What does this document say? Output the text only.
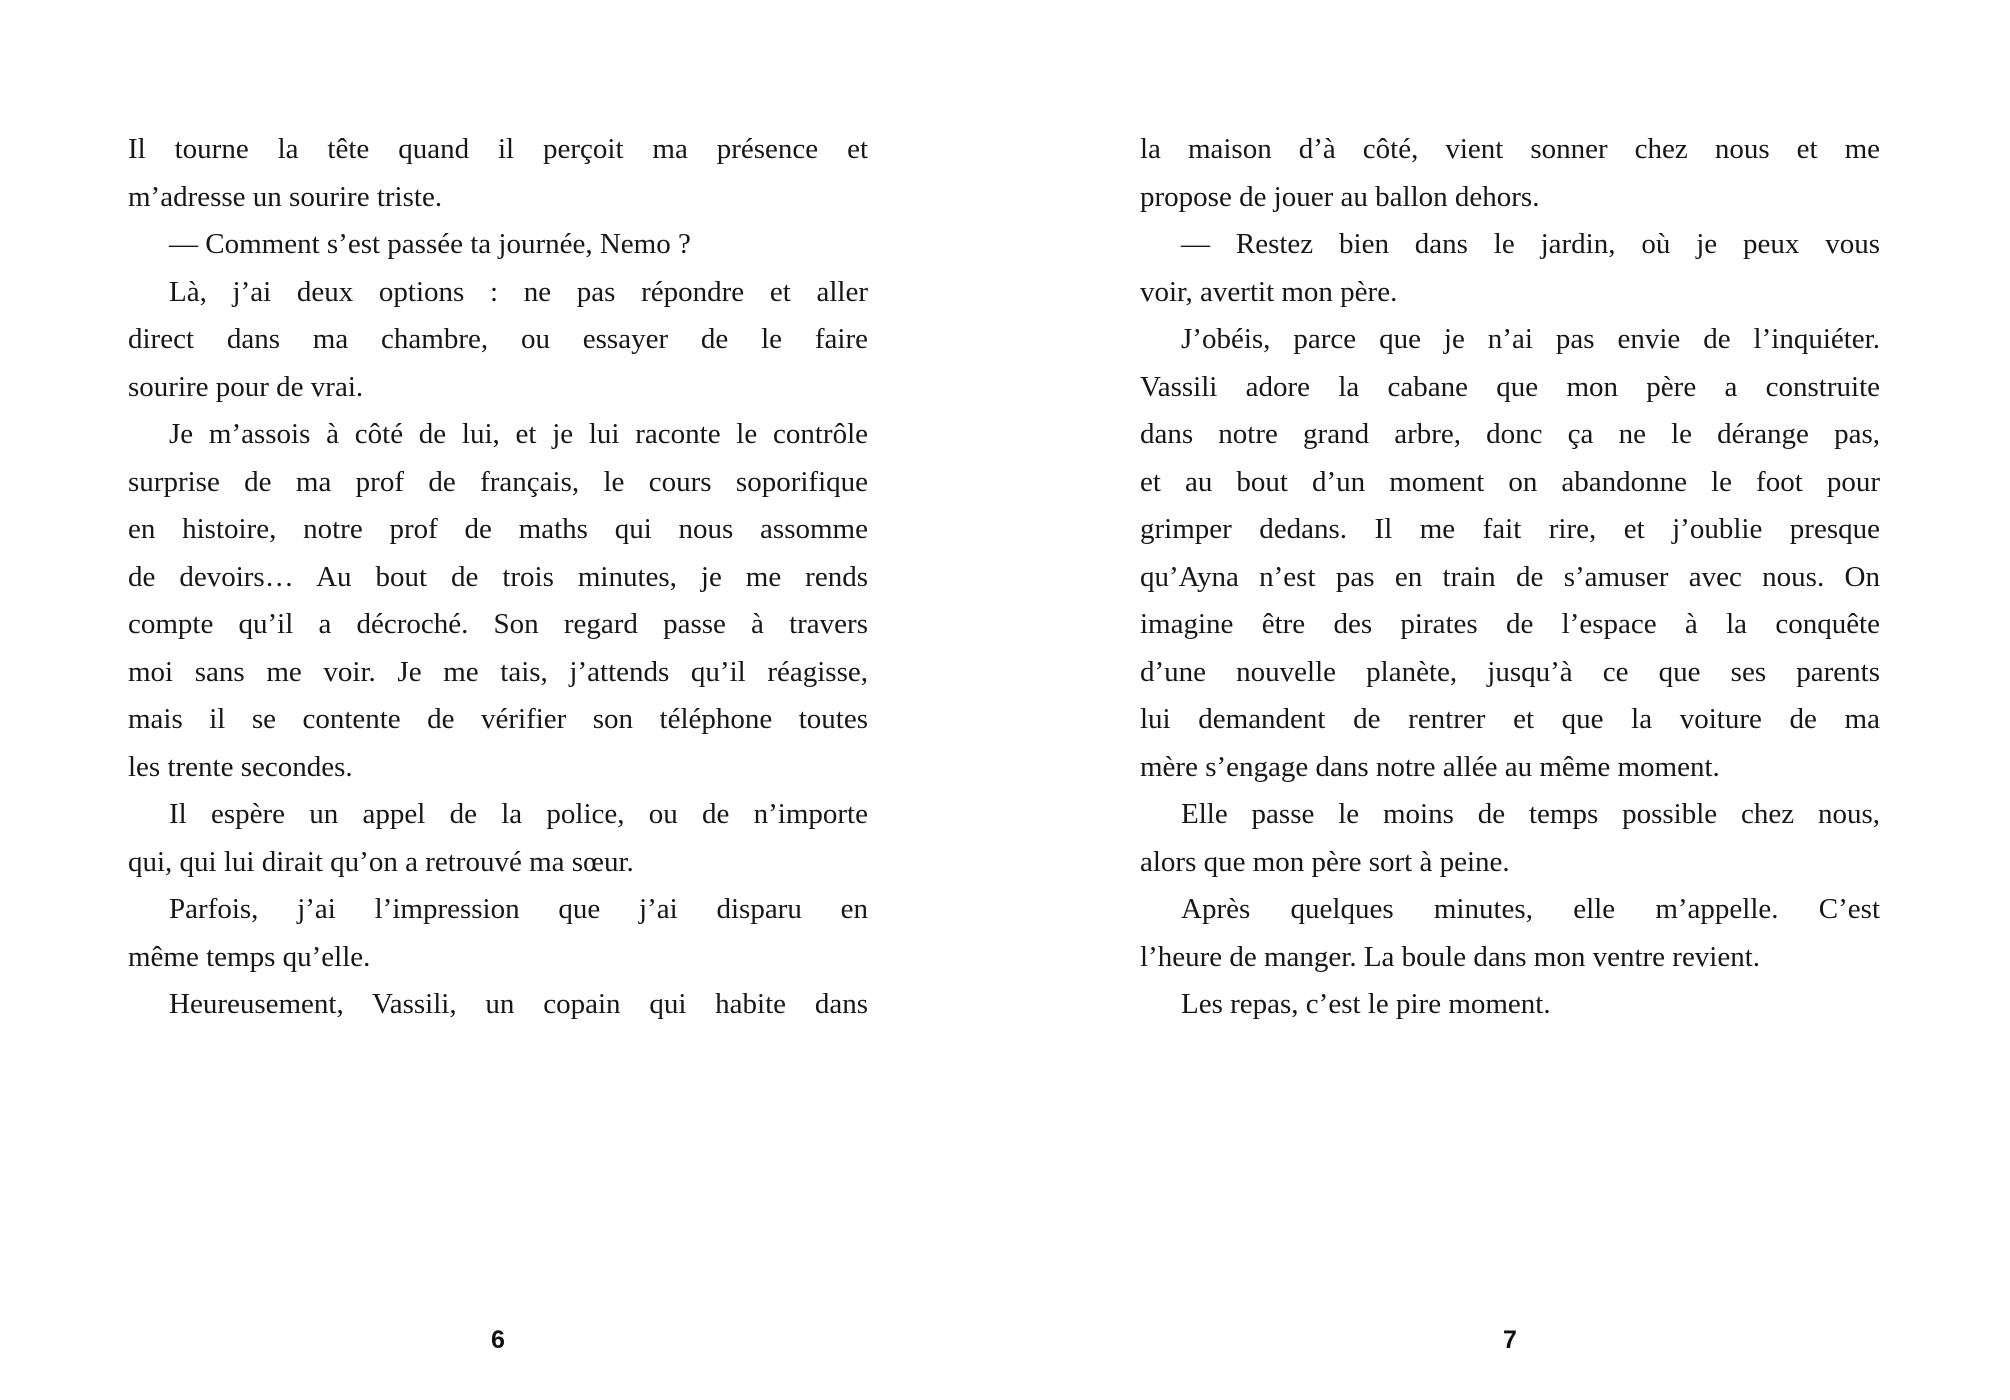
Il tourne la tête quand il perçoit ma présence et
m’adresse un sourire triste.
— Comment s’est passée ta journée, Nemo ?
Là, j’ai deux options : ne pas répondre et aller
direct dans ma chambre, ou essayer de le faire
sourire pour de vrai.
Je m’assois à côté de lui, et je lui raconte le contrôle
surprise de ma prof de français, le cours soporifique
en histoire, notre prof de maths qui nous assomme
de devoirs… Au bout de trois minutes, je me rends
compte qu’il a décroché. Son regard passe à travers
moi sans me voir. Je me tais, j’attends qu’il réagisse,
mais il se contente de vérifier son téléphone toutes
les trente secondes.
Il espère un appel de la police, ou de n’importe
qui, qui lui dirait qu’on a retrouvé ma sœur.
Parfois, j’ai l’impression que j’ai disparu en
même temps qu’elle.
Heureusement, Vassili, un copain qui habite dans
6
la maison d’à côté, vient sonner chez nous et me
propose de jouer au ballon dehors.
— Restez bien dans le jardin, où je peux vous
voir, avertit mon père.
J’obéis, parce que je n’ai pas envie de l’inquiéter.
Vassili adore la cabane que mon père a construite
dans notre grand arbre, donc ça ne le dérange pas,
et au bout d’un moment on abandonne le foot pour
grimper dedans. Il me fait rire, et j’oublie presque
qu’Ayna n’est pas en train de s’amuser avec nous. On
imagine être des pirates de l’espace à la conquête
d’une nouvelle planète, jusqu’à ce que ses parents
lui demandent de rentrer et que la voiture de ma
mère s’engage dans notre allée au même moment.
Elle passe le moins de temps possible chez nous,
alors que mon père sort à peine.
Après quelques minutes, elle m’appelle. C’est
l’heure de manger. La boule dans mon ventre revient.
Les repas, c’est le pire moment.
7
